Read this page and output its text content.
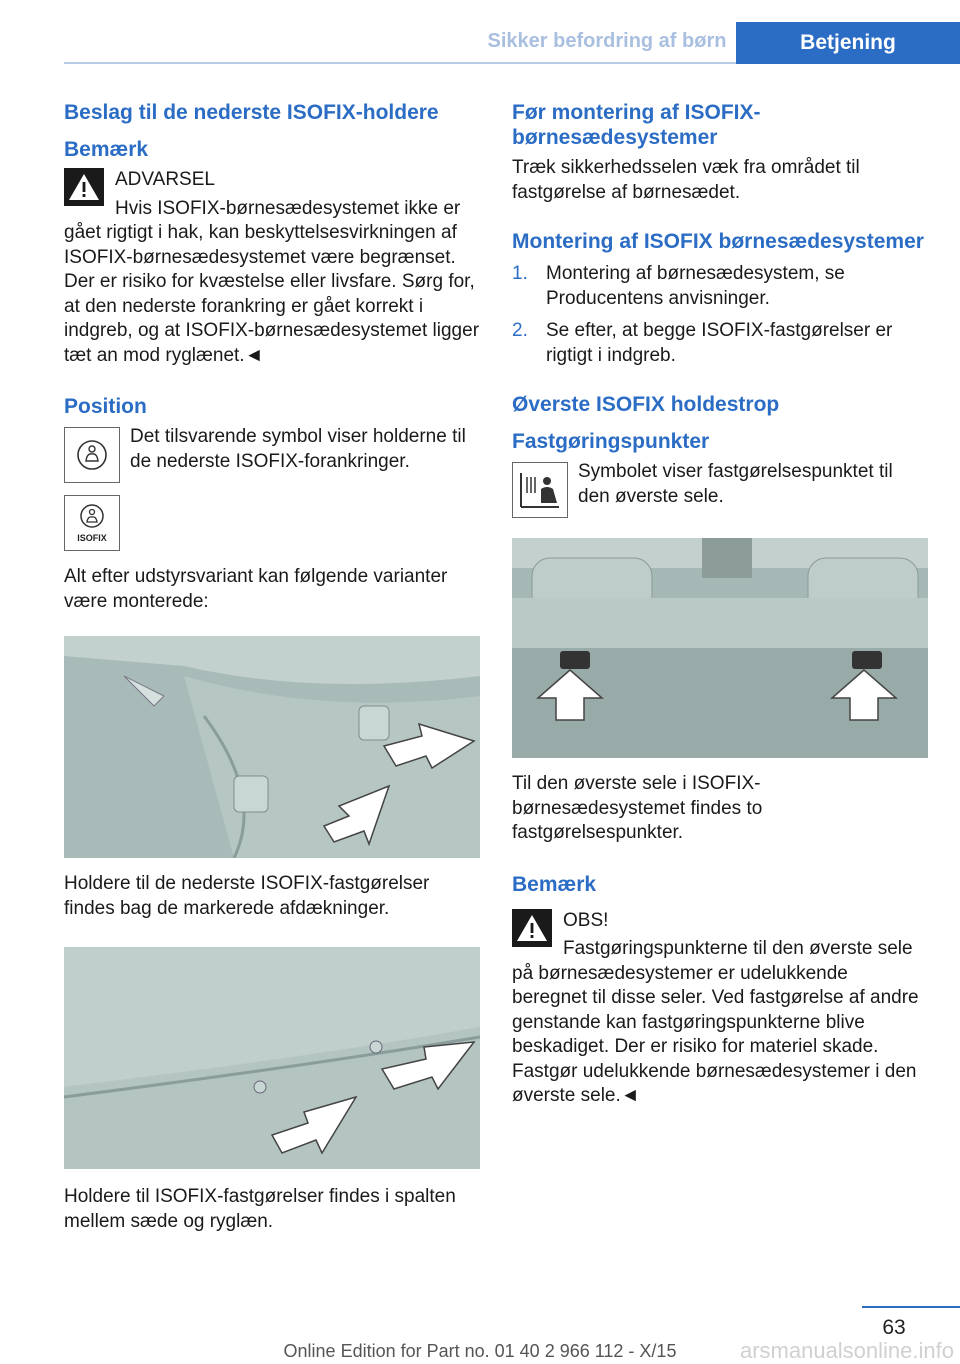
Sikker befordring af børn	Betjening
Beslag til de nederste ISOFIX-holdere
Bemærk
ADVARSEL

Hvis ISOFIX-børnesædesystemet ikke er gået rigtigt i hak, kan beskyttelsesvirkningen af ISOFIX-børnesædesystemet være begrænset. Der er risiko for kvæstelse eller livsfare. Sørg for, at den nederste forankring er gået korrekt i indgreb, og at ISOFIX-børnesædesystemet ligger tæt an mod ryglænet.◄

Position

Det tilsvarende symbol viser holderne til de nederste ISOFIX-forankringer.

ISOFIX

Alt efter udstyrsvariant kan følgende varianter være monterede:

Holdere til de nederste ISOFIX-fastgørelser findes bag de markerede afdækninger.

Holdere til ISOFIX-fastgørelser findes i spalten mellem sæde og ryglæn.

Før montering af ISOFIX-børnesædesystemer

Træk sikkerhedsselen væk fra området til fastgørelse af børnesædet.

Montering af ISOFIX børnesædesystemer
1. Montering af børnesædesystem, se Producentens anvisninger.
2. Se efter, at begge ISOFIX-fastgørelser er rigtigt i indgreb.
Øverste ISOFIX holdestrop
Fastgøringspunkter

Symbolet viser fastgørelsespunktet til den øverste sele.

Til den øverste sele i ISOFIX-børnesædesystemet findes to fastgørelsespunkter.

Bemærk
OBS!

Fastgøringspunkterne til den øverste sele på børnesædesystemer er udelukkende beregnet til disse seler. Ved fastgørelse af andre genstande kan fastgøringspunkterne blive beskadiget. Der er risiko for materiel skade. Fastgør udelukkende børnesædesystemer i den øverste sele.◄

63
arsmanualsonline.info
Online Edition for Part no. 01 40 2 966 112 - X/15
